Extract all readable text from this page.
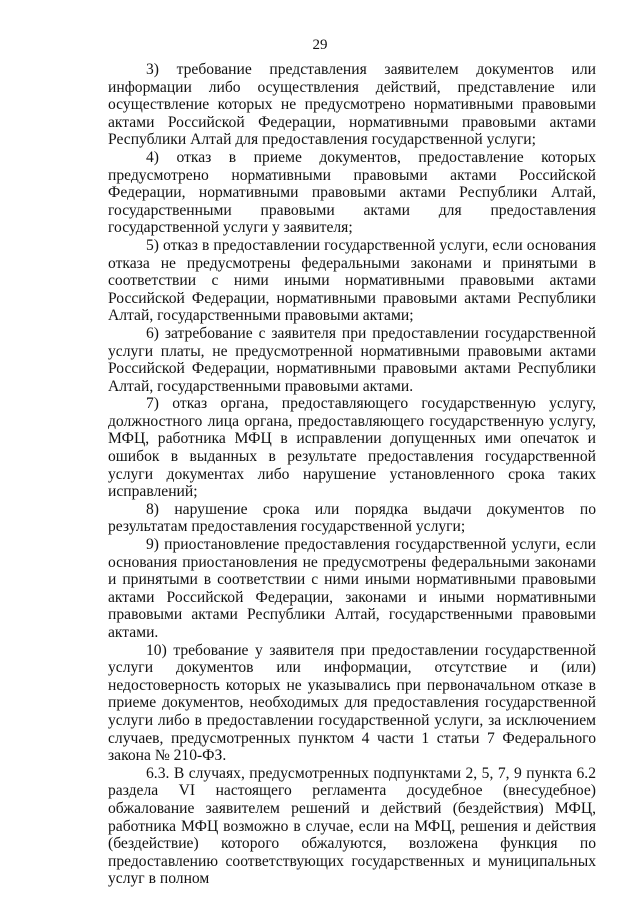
29

3) требование представления заявителем документов или информации либо осуществления действий, представление или осуществление которых не предусмотрено нормативными правовыми актами Российской Федерации, нормативными правовыми актами Республики Алтай для предоставления государственной услуги;

4) отказ в приеме документов, предоставление которых предусмотрено нормативными правовыми актами Российской Федерации, нормативными правовыми актами Республики Алтай, государственными правовыми актами для предоставления государственной услуги у заявителя;

5) отказ в предоставлении государственной услуги, если основания отказа не предусмотрены федеральными законами и принятыми в соответствии с ними иными нормативными правовыми актами Российской Федерации, нормативными правовыми актами Республики Алтай, государственными правовыми актами;

6) затребование с заявителя при предоставлении государственной услуги платы, не предусмотренной нормативными правовыми актами Российской Федерации, нормативными правовыми актами Республики Алтай, государственными правовыми актами.

7) отказ органа, предоставляющего государственную услугу, должностного лица органа, предоставляющего государственную услугу, МФЦ, работника МФЦ в исправлении допущенных ими опечаток и ошибок в выданных в результате предоставления государственной услуги документах либо нарушение установленного срока таких исправлений;

8) нарушение срока или порядка выдачи документов по результатам предоставления государственной услуги;

9) приостановление предоставления государственной услуги, если основания приостановления не предусмотрены федеральными законами и принятыми в соответствии с ними иными нормативными правовыми актами Российской Федерации, законами и иными нормативными правовыми актами Республики Алтай, государственными правовыми актами.

10) требование у заявителя при предоставлении государственной услуги документов или информации, отсутствие и (или) недостоверность которых не указывались при первоначальном отказе в приеме документов, необходимых для предоставления государственной услуги либо в предоставлении государственной услуги, за исключением случаев, предусмотренных пунктом 4 части 1 статьи 7 Федерального закона № 210-ФЗ.

6.3. В случаях, предусмотренных подпунктами 2, 5, 7, 9 пункта 6.2 раздела VI настоящего регламента досудебное (внесудебное) обжалование заявителем решений и действий (бездействия) МФЦ, работника МФЦ возможно в случае, если на МФЦ, решения и действия (бездействие) которого обжалуются, возложена функция по предоставлению соответствующих государственных и муниципальных услуг в полном
